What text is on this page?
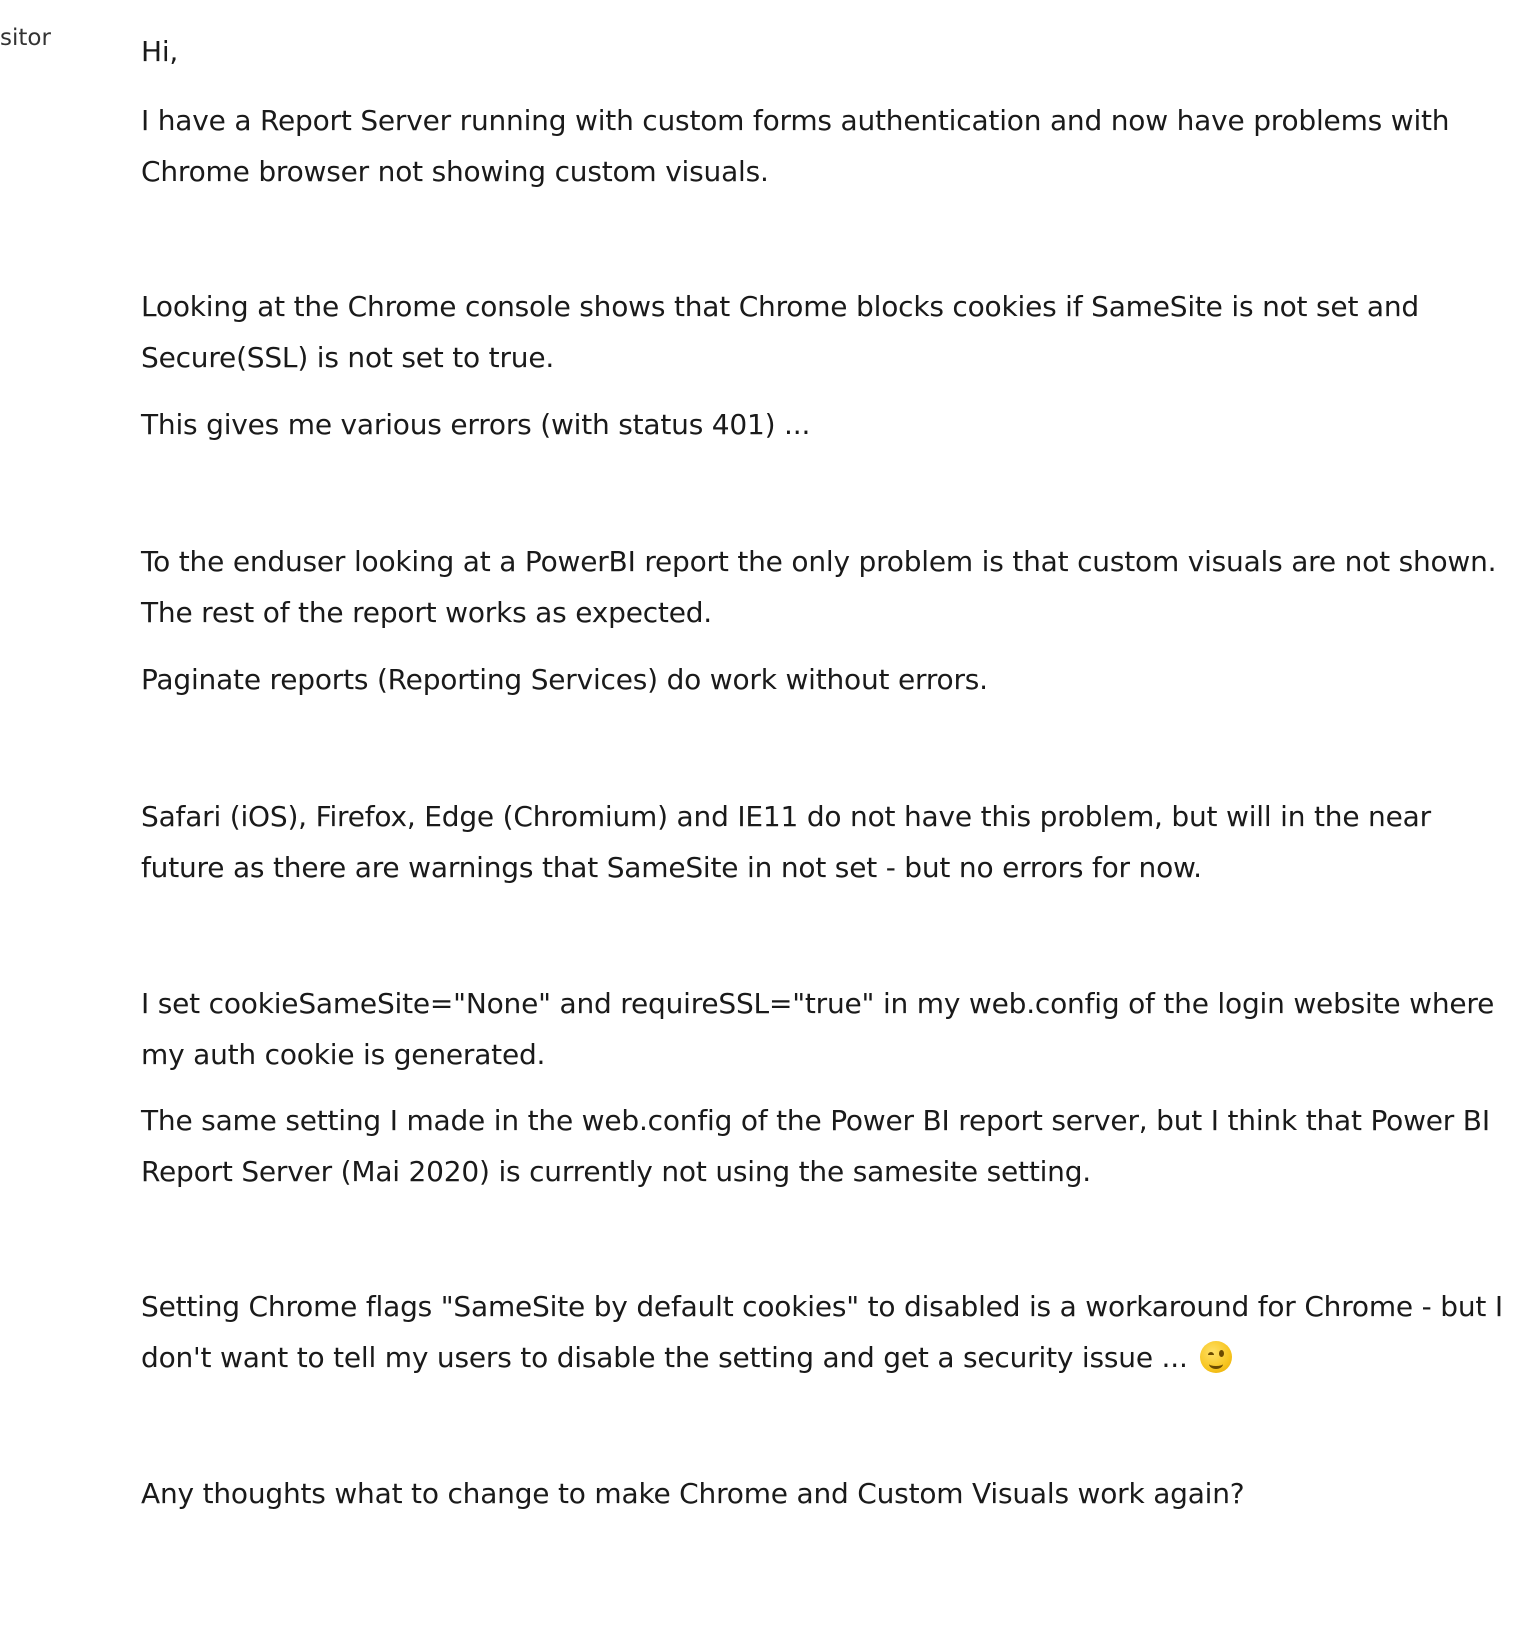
sitor	Hi,

I have a Report Server running with custom forms authentication and now have problems with Chrome browser not showing custom visuals.

Looking at the Chrome console shows that Chrome blocks cookies if SameSite is not set and Secure(SSL) is not set to true.

This gives me various errors (with status 401) ...

To the enduser looking at a PowerBI report the only problem is that custom visuals are not shown. The rest of the report works as expected.

Paginate reports (Reporting Services) do work without errors.

Safari (iOS), Firefox, Edge (Chromium) and IE11 do not have this problem, but will in the near future as there are warnings that SameSite in not set - but no errors for now.

I set cookieSameSite="None" and requireSSL="true" in my web.config of the login website where my auth cookie is generated.

The same setting I made in the web.config of the Power BI report server, but I think that Power BI Report Server (Mai 2020) is currently not using the samesite setting.

Setting Chrome flags "SameSite by default cookies" to disabled is a workaround for Chrome - but I don't want to tell my users to disable the setting and get a security issue ...

Any thoughts what to change to make Chrome and Custom Visuals work again?
